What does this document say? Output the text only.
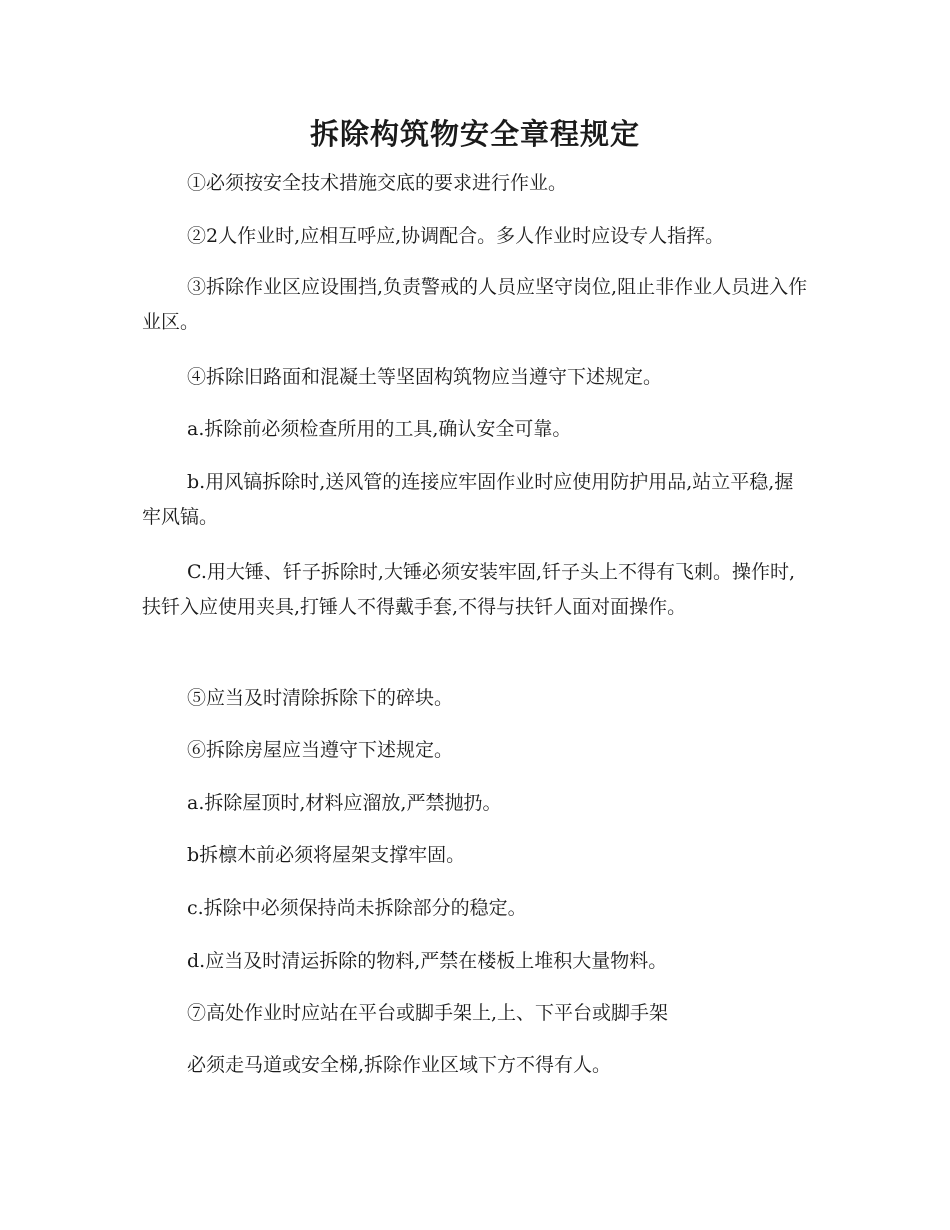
拆除构筑物安全章程规定

①必须按安全技术措施交底的要求进行作业。

②2人作业时,应相互呼应,协调配合。多人作业时应设专人指挥。

③拆除作业区应设围挡,负责警戒的人员应坚守岗位,阻止非作业人员进入作业区。

④拆除旧路面和混凝土等坚固构筑物应当遵守下述规定。

a.拆除前必须检查所用的工具,确认安全可靠。

b.用风镐拆除时,送风管的连接应牢固作业时应使用防护用品,站立平稳,握牢风镐。

C.用大锤、钎子拆除时,大锤必须安装牢固,钎子头上不得有飞刺。操作时,扶钎入应使用夹具,打锤人不得戴手套,不得与扶钎人面对面操作。

⑤应当及时清除拆除下的碎块。

⑥拆除房屋应当遵守下述规定。

a.拆除屋顶时,材料应溜放,严禁抛扔。

b拆檩木前必须将屋架支撑牢固。

c.拆除中必须保持尚未拆除部分的稳定。

d.应当及时清运拆除的物料,严禁在楼板上堆积大量物料。

⑦高处作业时应站在平台或脚手架上,上、下平台或脚手架

必须走马道或安全梯,拆除作业区域下方不得有人。
